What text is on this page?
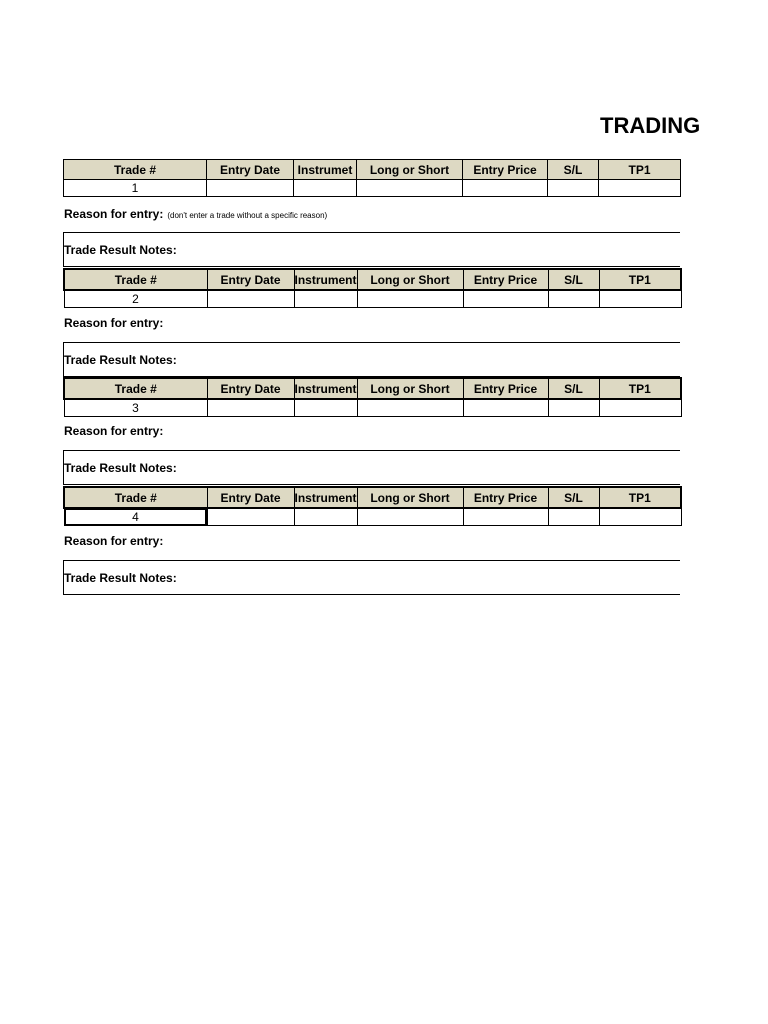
TRADING
Trade #	Entry Date	Instrumet	Long or Short	Entry Price	S/L	TP1
1						
Reason for entry: (don't enter a trade without a specific reason)
Trade Result Notes:
Trade #	Entry Date	Instrument	Long or Short	Entry Price	S/L	TP1
2						
Reason for entry:
Trade Result Notes:
Trade #	Entry Date	Instrument	Long or Short	Entry Price	S/L	TP1
3						
Reason for entry:
Trade Result Notes:
Trade #	Entry Date	Instrument	Long or Short	Entry Price	S/L	TP1
4						
Reason for entry:
Trade Result Notes:
